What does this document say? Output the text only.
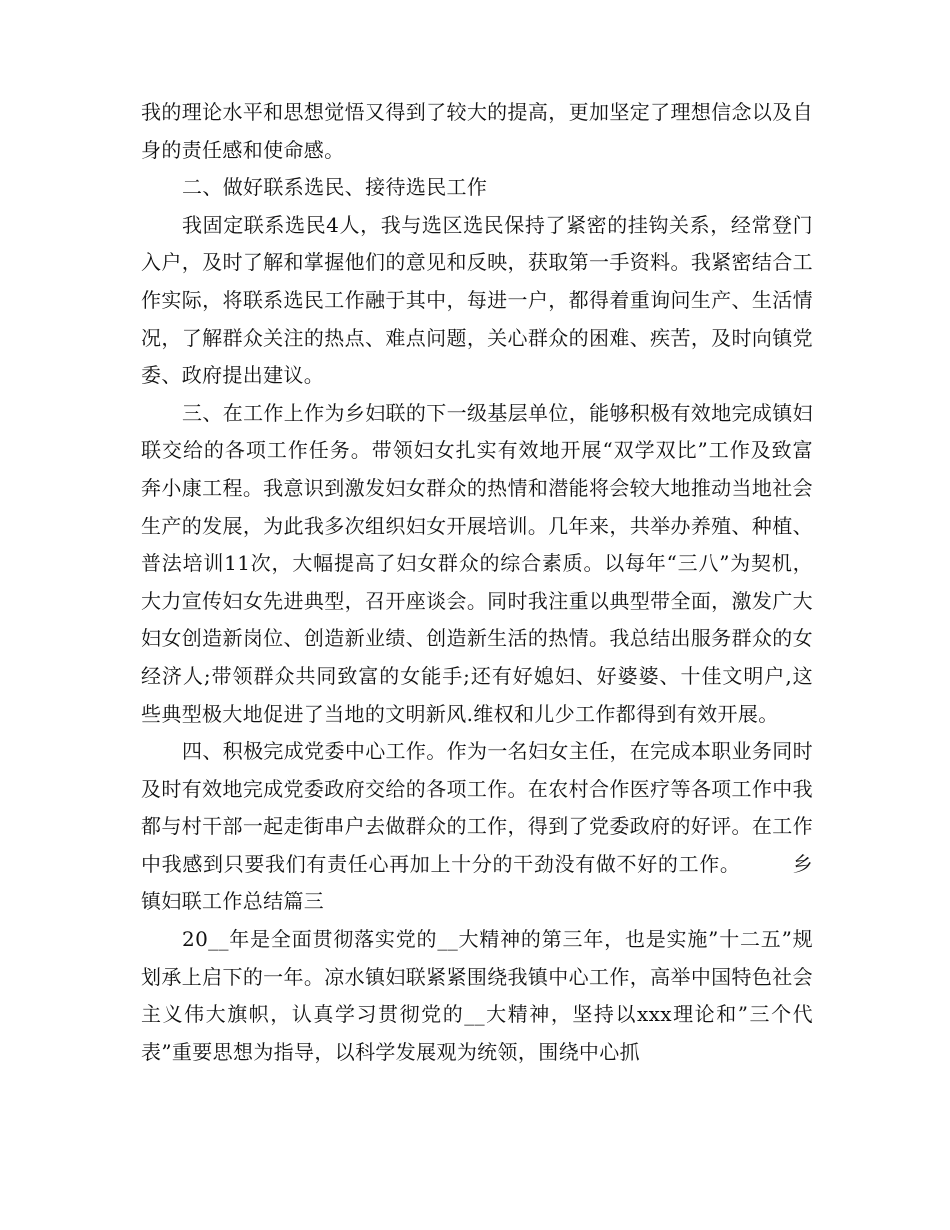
我的理论水平和思想觉悟又得到了较大的提高，更加坚定了理想信念以及自身的责任感和使命感。

二、做好联系选民、接待选民工作

我固定联系选民4人，我与选区选民保持了紧密的挂钩关系，经常登门入户，及时了解和掌握他们的意见和反映，获取第一手资料。我紧密结合工作实际，将联系选民工作融于其中，每进一户，都得着重询问生产、生活情况，了解群众关注的热点、难点问题，关心群众的困难、疾苦，及时向镇党委、政府提出建议。

三、在工作上作为乡妇联的下一级基层单位，能够积极有效地完成镇妇联交给的各项工作任务。带领妇女扎实有效地开展“双学双比”工作及致富奔小康工程。我意识到激发妇女群众的热情和潜能将会较大地推动当地社会生产的发展，为此我多次组织妇女开展培训。几年来，共举办养殖、种植、普法培训11次，大幅提高了妇女群众的综合素质。以每年“三八”为契机，大力宣传妇女先进典型，召开座谈会。同时我注重以典型带全面，激发广大妇女创造新岗位、创造新业绩、创造新生活的热情。我总结出服务群众的女经济人;带领群众共同致富的女能手;还有好媳妇、好婆婆、十佳文明户,这些典型极大地促进了当地的文明新风.维权和儿少工作都得到有效开展。

四、积极完成党委中心工作。作为一名妇女主任，在完成本职业务同时及时有效地完成党委政府交给的各项工作。在农村合作医疗等各项工作中我都与村干部一起走街串户去做群众的工作，得到了党委政府的好评。在工作中我感到只要我们有责任心再加上十分的干劲没有做不好的工作。　　　乡镇妇联工作总结篇三

20__年是全面贯彻落实党的__大精神的第三年，也是实施”十二五”规划承上启下的一年。凉水镇妇联紧紧围绕我镇中心工作，高举中国特色社会主义伟大旗帜，认真学习贯彻党的__大精神，坚持以xxx理论和”三个代表”重要思想为指导，以科学发展观为统领，围绕中心抓
